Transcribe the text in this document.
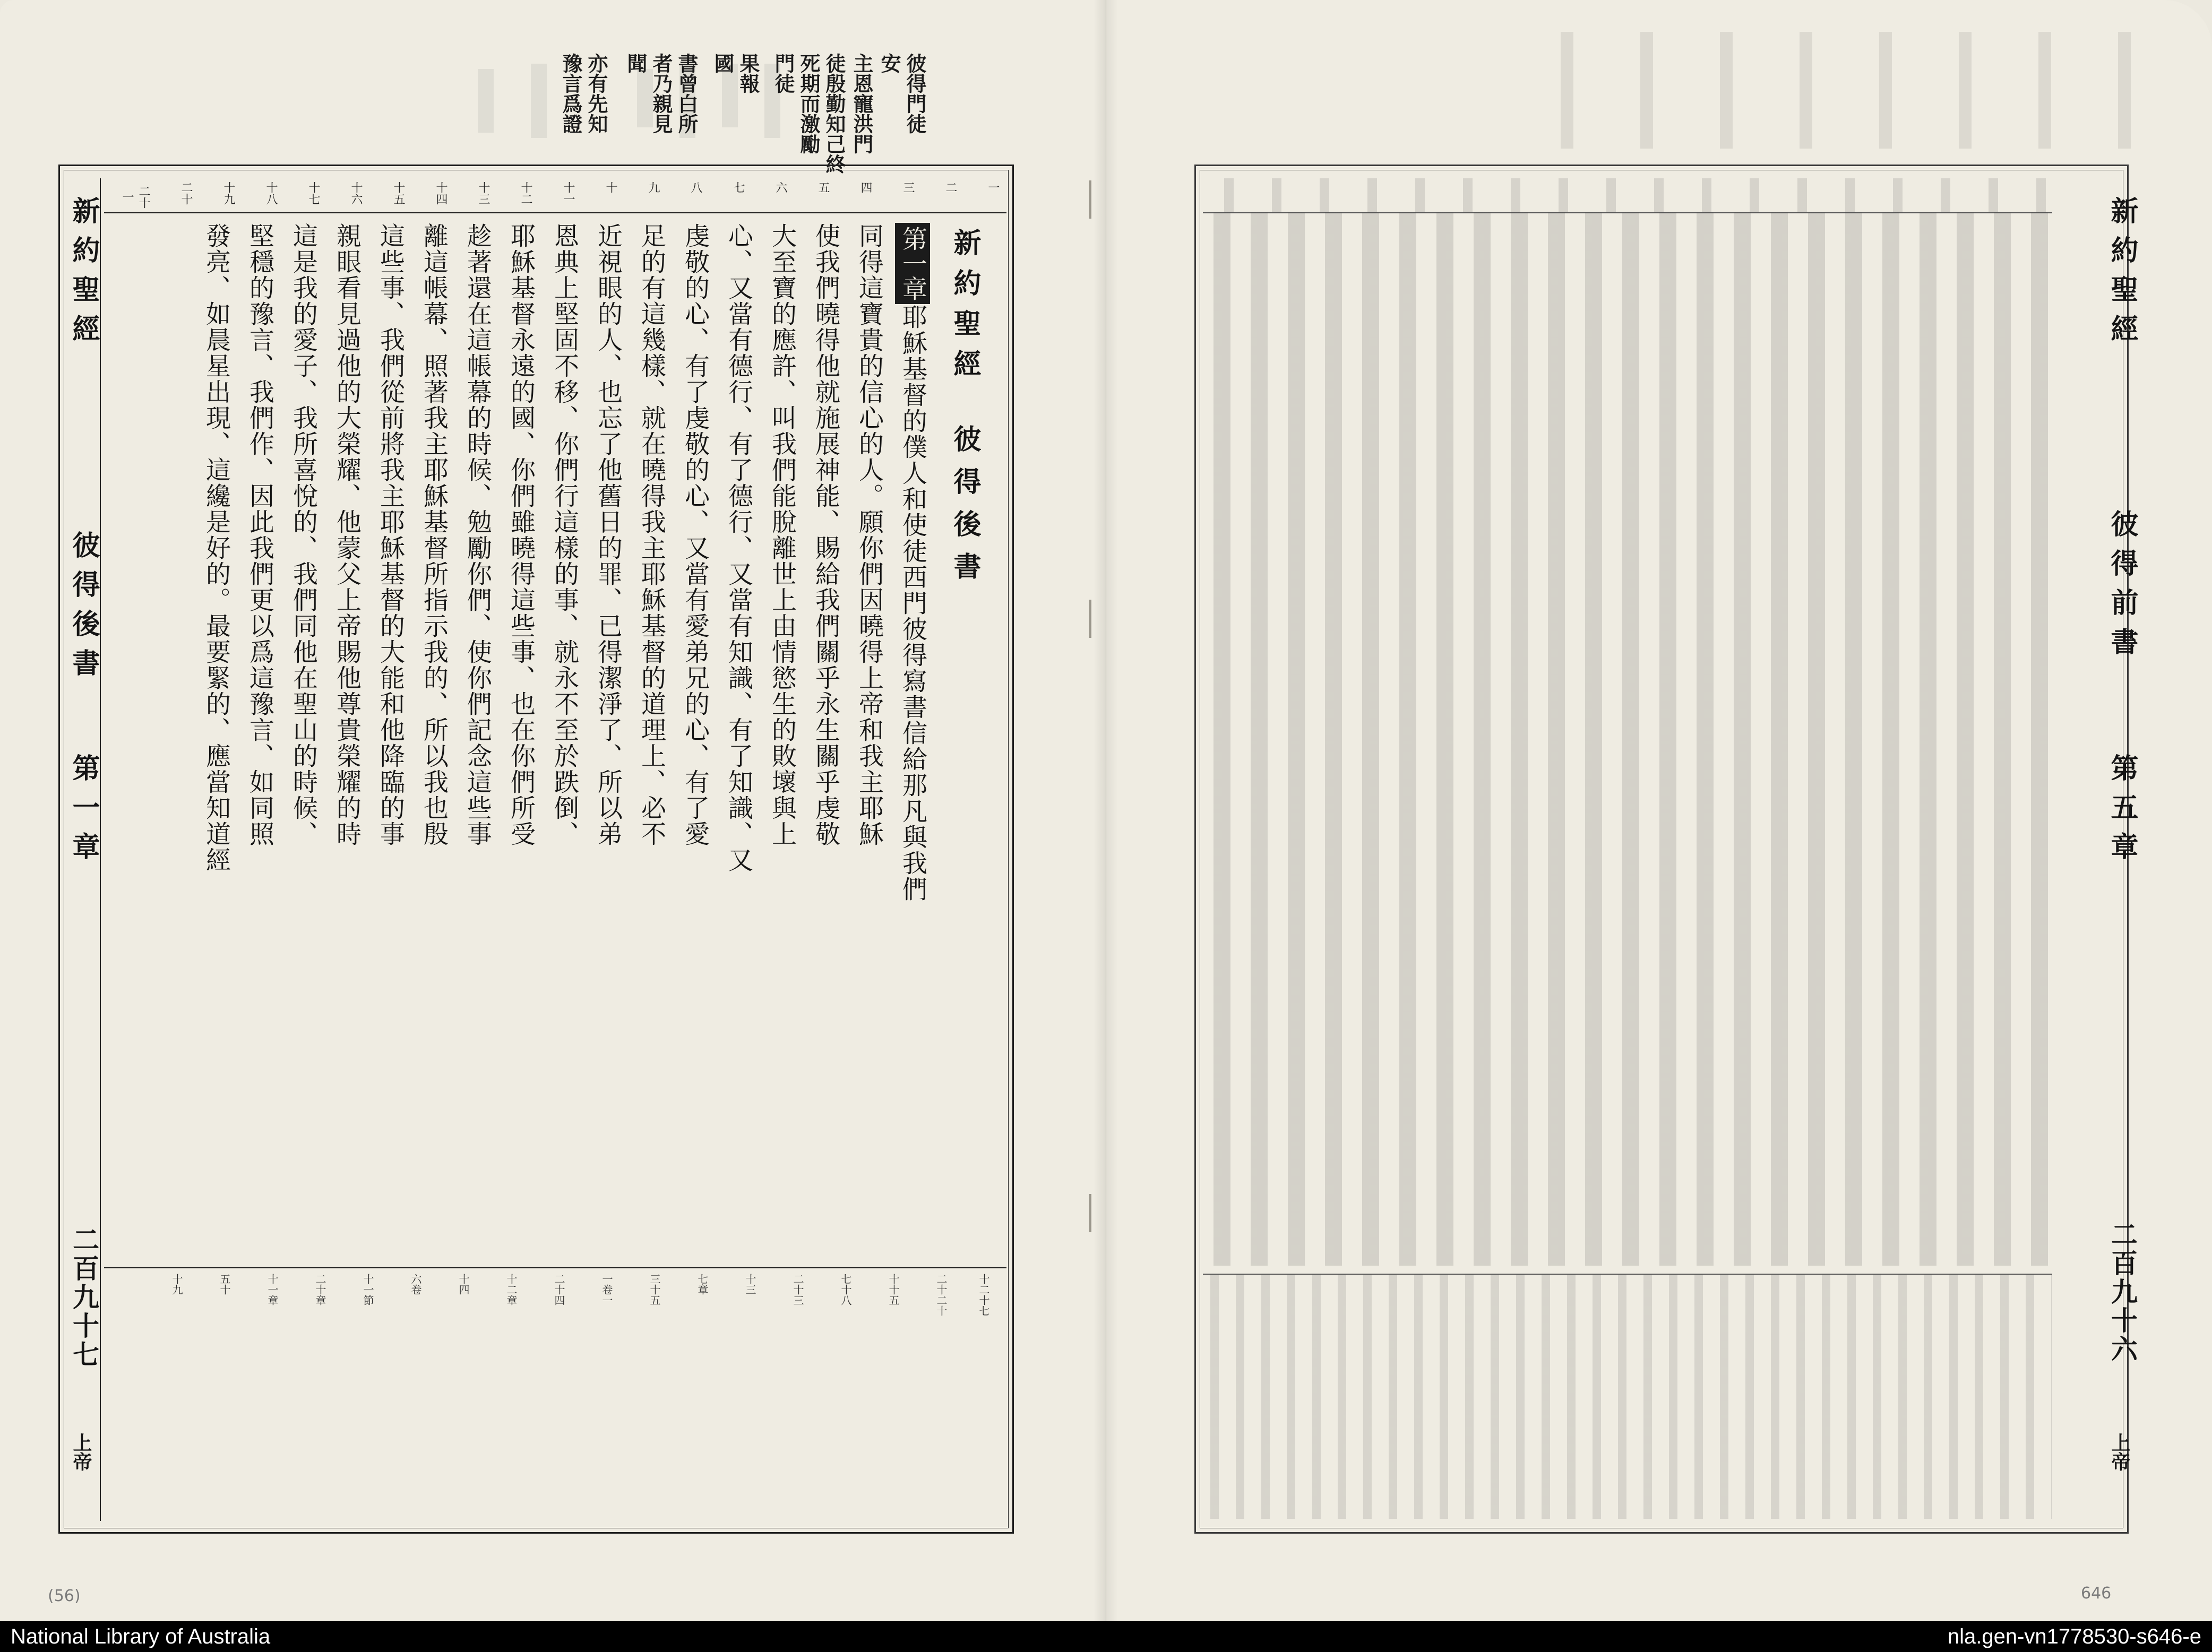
彼得門徒
安
主恩寵洪門
徒殷勤知己終
死期而激勵
門徒
果報
國
書曾白所
者乃親見
聞
亦有先知
豫言爲證
新約聖經
彼得後書
第一章
二百九十七
上帝
一
二
三
四
五
六
七
八
九
十
十一
十二
十三
十四
十五
十六
十七
十八
十九
二十
二十一
新約聖經
彼得後書
第一章耶穌基督的僕人和使徒西門彼得寫書信給那凡與我們
同得這寶貴的信心的人。願你們因曉得上帝和我主耶穌
使我們曉得他就施展神能、賜給我們關乎永生關乎虔敬
大至寶的應許、叫我們能脫離世上由情慾生的敗壞與上
心、又當有德行、有了德行、又當有知識、有了知識、又
虔敬的心、有了虔敬的心、又當有愛弟兄的心、有了愛
足的有這幾樣、就在曉得我主耶穌基督的道理上、必不
近視眼的人、也忘了他舊日的罪、已得潔淨了、所以弟
恩典上堅固不移、你們行這樣的事、就永不至於跌倒、
耶穌基督永遠的國、你們雖曉得這些事、也在你們所受
趁著還在這帳幕的時候、勉勵你們、使你們記念這些事
離這帳幕、照著我主耶穌基督所指示我的、所以我也殷
這些事、我們從前將我主耶穌基督的大能和他降臨的事
親眼看見過他的大榮耀、他蒙父上帝賜他尊貴榮耀的時
這是我的愛子、我所喜悅的、我們同他在聖山的時候、
堅穩的豫言、我們作、因此我們更以爲這豫言、如同照
發亮、如晨星出現、這纔是好的。最要緊的、應當知道經
十二十七
二十二十
十十五
七十八
二十三
十三
七章
三十五
一卷一
二十四
十二章
十四
六卷
十一節
二十章
十一章
五十
十九
(56)
新約聖經
彼得前書
第五章
二百九十六
上帝
646
National Library of Australia	nla.gen-vn1778530-s646-e
